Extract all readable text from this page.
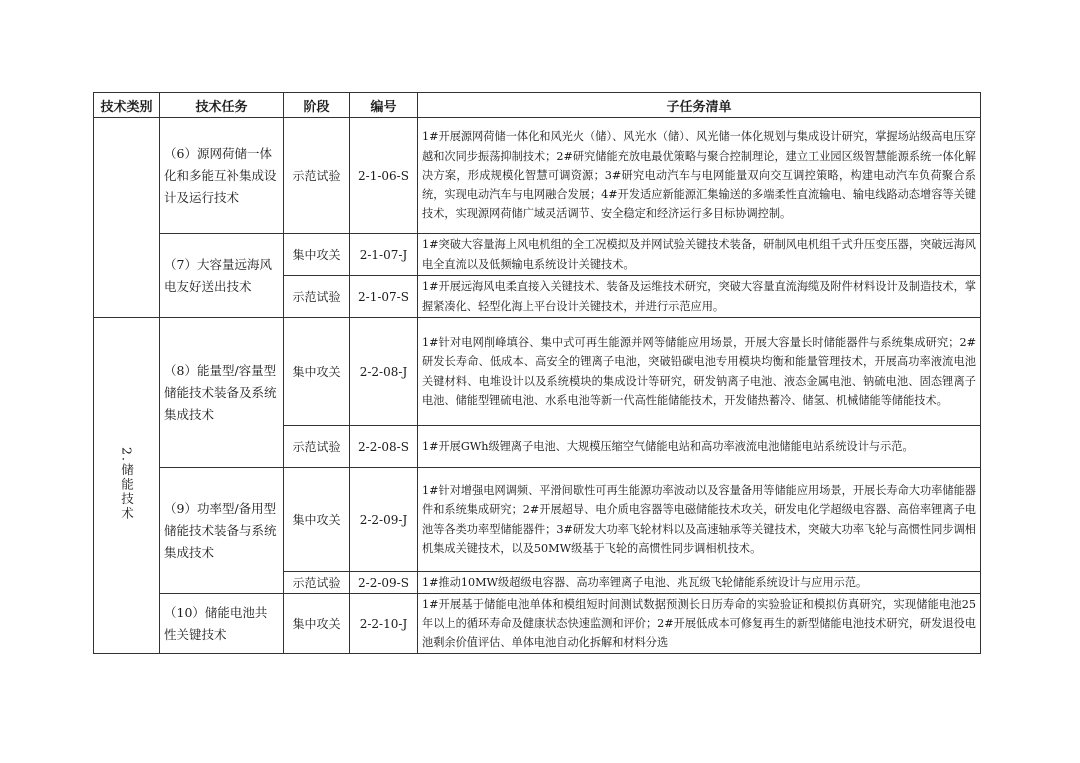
技术类别	技术任务	阶段	编号	子任务清单
	（6）源网荷储一体化和多能互补集成设计及运行技术	示范试验	2-1-06-S	1#开展源网荷储一体化和风光火（储）、风光水（储）、风光储一体化规划与集成设计研究，掌握场站级高电压穿越和次同步振荡抑制技术；2#研究储能充放电最优策略与聚合控制理论，建立工业园区级智慧能源系统一体化解决方案，形成规模化智慧可调资源；3#研究电动汽车与电网能量双向交互调控策略，构建电动汽车负荷聚合系统，实现电动汽车与电网融合发展；4#开发适应新能源汇集输送的多端柔性直流输电、输电线路动态增容等关键技术，实现源网荷储广域灵活调节、安全稳定和经济运行多目标协调控制。
	（7）大容量远海风电友好送出技术	集中攻关	2-1-07-J	1#突破大容量海上风电机组的全工况模拟及并网试验关键技术装备，研制风电机组千式升压变压器，突破远海风电全直流以及低频输电系统设计关键技术。
		示范试验	2-1-07-S	1#开展远海风电柔直接入关键技术、装备及运维技术研究，突破大容量直流海缆及附件材料设计及制造技术，掌握紧凑化、轻型化海上平台设计关键技术，并进行示范应用。
2.储能技术	（8）能量型/容量型储能技术装备及系统集成技术	集中攻关	2-2-08-J	1#针对电网削峰填谷、集中式可再生能源并网等储能应用场景，开展大容量长时储能器件与系统集成研究；2#研发长寿命、低成本、高安全的锂离子电池，突破铅碳电池专用模块均衡和能量管理技术，开展高功率液流电池关键材料、电堆设计以及系统模块的集成设计等研究，研发钠离子电池、液态金属电池、钠硫电池、固态锂离子电池、储能型锂硫电池、水系电池等新一代高性能储能技术，开发储热蓄冷、储氢、机械储能等储能技术。
		示范试验	2-2-08-S	1#开展GWh级锂离子电池、大规模压缩空气储能电站和高功率液流电池储能电站系统设计与示范。
	（9）功率型/备用型储能技术装备与系统集成技术	集中攻关	2-2-09-J	1#针对增强电网调频、平滑间歇性可再生能源功率波动以及容量备用等储能应用场景，开展长寿命大功率储能器件和系统集成研究；2#开展超导、电介质电容器等电磁储能技术攻关，研发电化学超级电容器、高倍率锂离子电池等各类功率型储能器件；3#研发大功率飞轮材料以及高速轴承等关键技术，突破大功率飞轮与高惯性同步调相机集成关键技术，以及50MW级基于飞轮的高惯性同步调相机技术。
		示范试验	2-2-09-S	1#推动10MW级超级电容器、高功率锂离子电池、兆瓦级飞轮储能系统设计与应用示范。
	（10）储能电池共性关键技术	集中攻关	2-2-10-J	1#开展基于储能电池单体和模组短时间测试数据预测长日历寿命的实验验证和模拟仿真研究，实现储能电池25年以上的循环寿命及健康状态快速监测和评价；2#开展低成本可修复再生的新型储能电池技术研究，研发退役电池剩余价值评估、单体电池自动化拆解和材料分选
